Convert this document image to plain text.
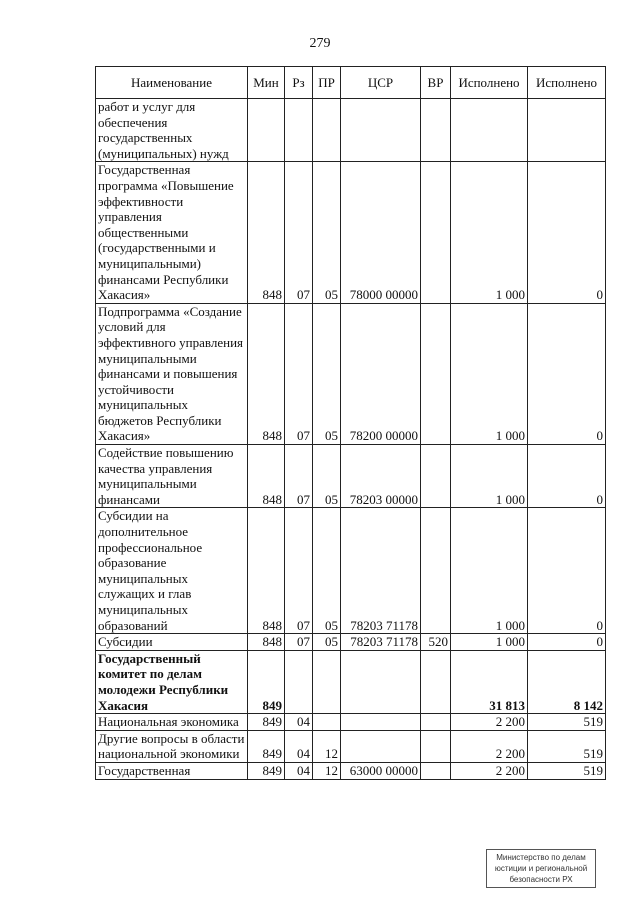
279
Наименование	Мин	Рз	ПР	ЦСР	ВР	Исполнено	Исполнено
работ и услуг для обеспечения государственных (муниципальных) нужд							
Государственная программа «Повышение эффективности управления общественными (государственными и муниципальными) финансами Республики Хакасия»	848	07	05	78000 00000		1 000	0
Подпрограмма «Создание условий для эффективного управления муниципальными финансами и повышения устойчивости муниципальных бюджетов Республики Хакасия»	848	07	05	78200 00000		1 000	0
Содействие повышению качества управления муниципальными финансами	848	07	05	78203 00000		1 000	0
Субсидии на дополнительное профессиональное образование муниципальных служащих и глав муниципальных образований	848	07	05	78203 71178		1 000	0
Субсидии	848	07	05	78203 71178	520	1 000	0
Государственный комитет по делам молодежи Республики Хакасия	849					31 813	8 142
Национальная экономика	849	04				2 200	519
Другие вопросы в области национальной экономики	849	04	12			2 200	519
Государственная	849	04	12	63000 00000		2 200	519
Министерство по делам
юстиции и региональной
безопасности РХ
